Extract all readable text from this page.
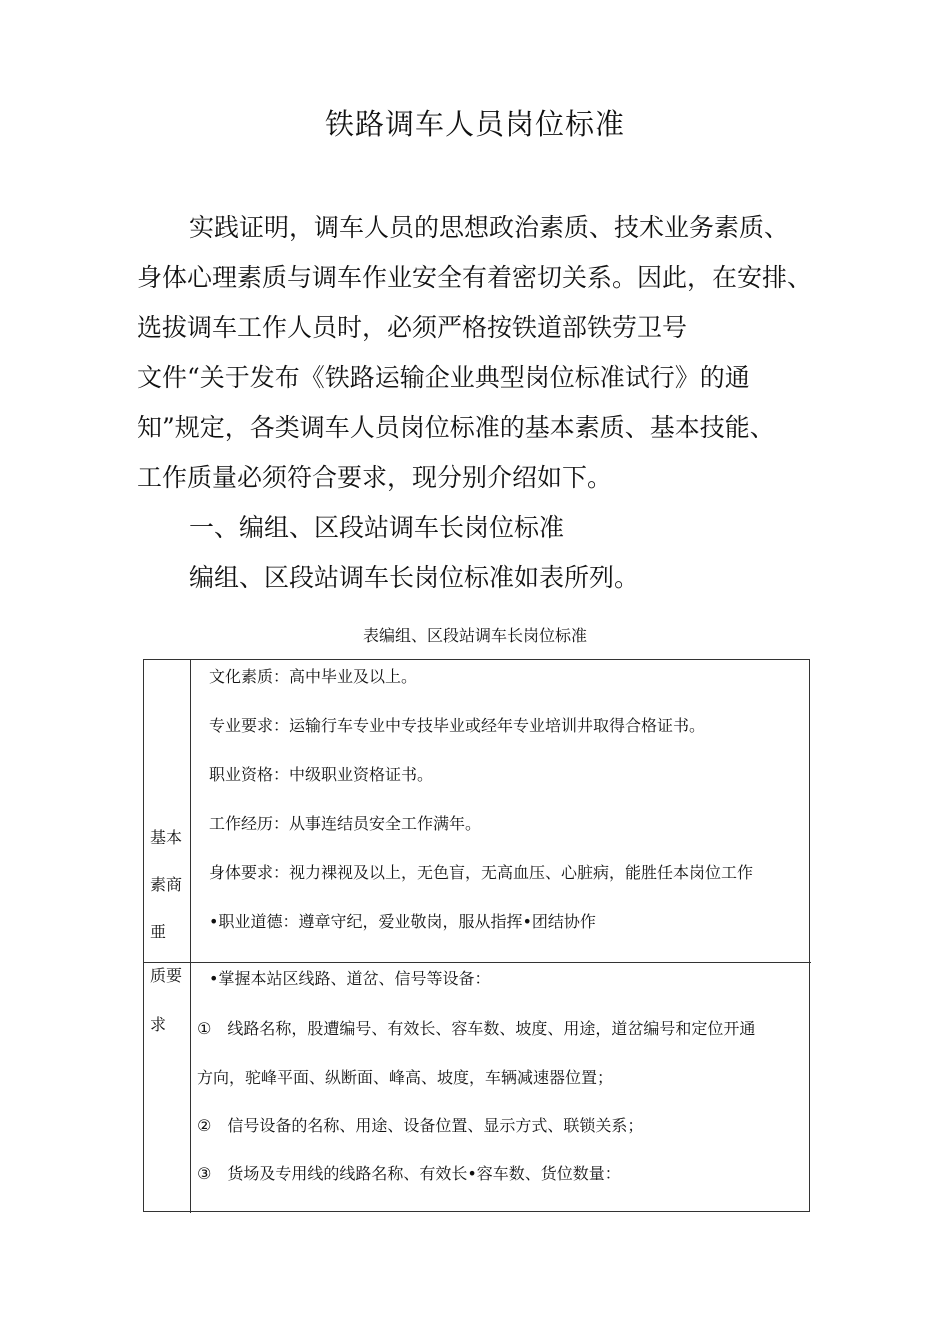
铁路调车人员岗位标准
实践证明，调车人员的思想政治素质、技术业务素质、
身体心理素质与调车作业安全有着密切关系。因此，在安排、
选拔调车工作人员时，必须严格按铁道部铁劳卫号
文件“关于发布《铁路运输企业典型岗位标准试行》的通
知”规定，各类调车人员岗位标准的基本素质、基本技能、
工作质量必须符合要求，现分别介绍如下。
一、编组、区段站调车长岗位标准
编组、区段站调车长岗位标准如表所列。
表编组、区段站调车长岗位标准
基本
素商
亜
文化素质：高中毕业及以上。
专业要求：运输行车专业中专技毕业或经年专业培训井取得合格证书。
职业资格：中级职业资格证书。
工作经历：从事连结员安全工作满年。
身体要求：视力裸视及以上，无色盲，无高血压、心脏病，能胜任本岗位工作
•职业道德：遵章守纪，爱业敬岗，服从指挥•团结协作
质要
求
•掌握本站区线路、道岔、信号等设备：
①　线路名称，股遭编号、有效长、容车数、坡度、用途，道岔编号和定位开通
方向，驼峰平面、纵断面、峰高、坡度，车辆减速器位置；
②　信号设备的名称、用途、设备位置、显示方式、联锁关系；
③　货场及专用线的线路名称、有效长•容车数、货位数量：
